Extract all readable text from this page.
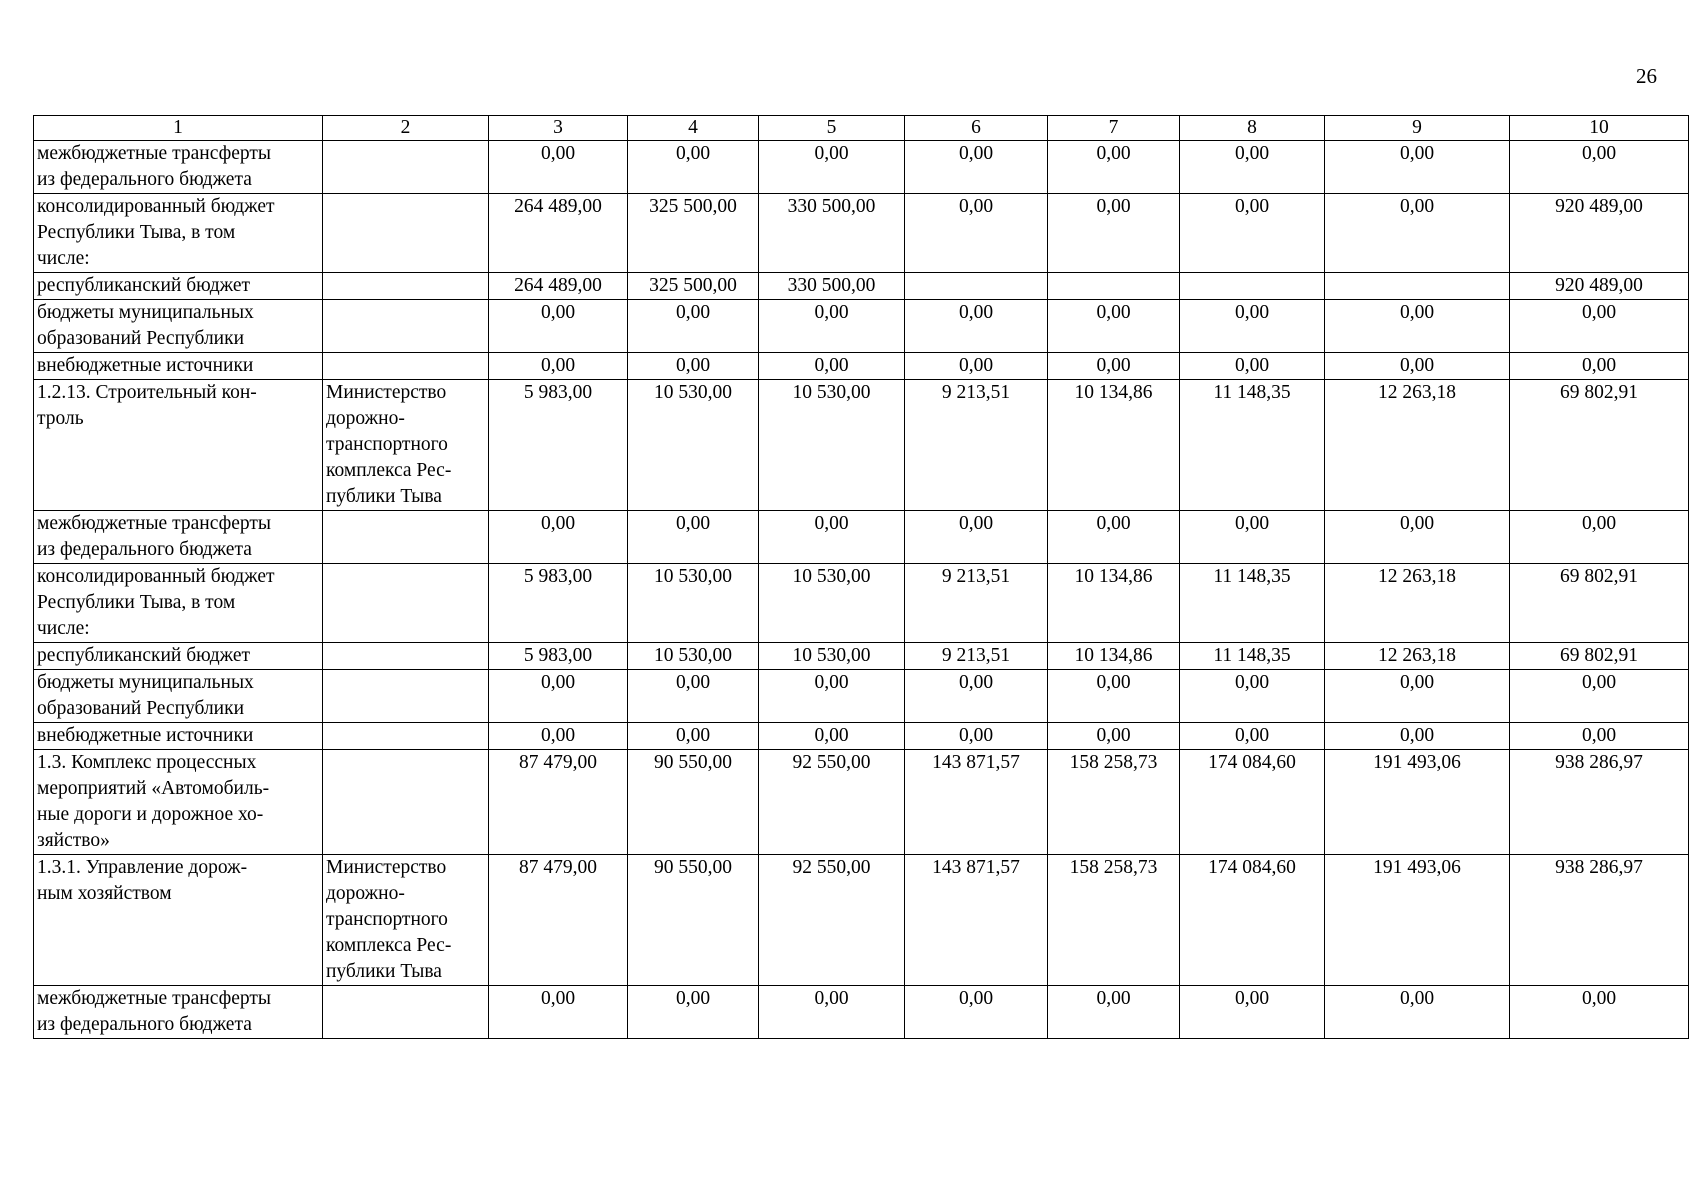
26
1	2	3	4	5	6	7	8	9	10
межбюджетные трансферты
из федерального бюджета		0,00	0,00	0,00	0,00	0,00	0,00	0,00	0,00
консолидированный бюджет
Республики Тыва, в том
числе:		264 489,00	325 500,00	330 500,00	0,00	0,00	0,00	0,00	920 489,00
республиканский бюджет		264 489,00	325 500,00	330 500,00					920 489,00
бюджеты муниципальных
образований Республики		0,00	0,00	0,00	0,00	0,00	0,00	0,00	0,00
внебюджетные источники		0,00	0,00	0,00	0,00	0,00	0,00	0,00	0,00
1.2.13. Строительный кон-
троль	Министерство
дорожно-
транспортного
комплекса Рес-
публики Тыва	5 983,00	10 530,00	10 530,00	9 213,51	10 134,86	11 148,35	12 263,18	69 802,91
межбюджетные трансферты
из федерального бюджета		0,00	0,00	0,00	0,00	0,00	0,00	0,00	0,00
консолидированный бюджет
Республики Тыва, в том
числе:		5 983,00	10 530,00	10 530,00	9 213,51	10 134,86	11 148,35	12 263,18	69 802,91
республиканский бюджет		5 983,00	10 530,00	10 530,00	9 213,51	10 134,86	11 148,35	12 263,18	69 802,91
бюджеты муниципальных
образований Республики		0,00	0,00	0,00	0,00	0,00	0,00	0,00	0,00
внебюджетные источники		0,00	0,00	0,00	0,00	0,00	0,00	0,00	0,00
1.3. Комплекс процессных
мероприятий «Автомобиль-
ные дороги и дорожное хо-
зяйство»		87 479,00	90 550,00	92 550,00	143 871,57	158 258,73	174 084,60	191 493,06	938 286,97
1.3.1. Управление дорож-
ным хозяйством	Министерство
дорожно-
транспортного
комплекса Рес-
публики Тыва	87 479,00	90 550,00	92 550,00	143 871,57	158 258,73	174 084,60	191 493,06	938 286,97
межбюджетные трансферты
из федерального бюджета		0,00	0,00	0,00	0,00	0,00	0,00	0,00	0,00
